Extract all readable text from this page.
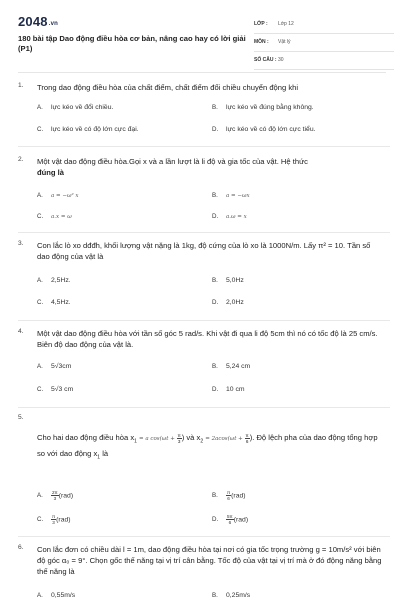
2048.vn
180 bài tập Dao động điều hòa cơ bản, nâng cao hay có lời giải (P1)
LỚP : Lớp 12
MÔN : Vật lý
SỐ CÂU : 30
1. Trong dao động điều hòa của chất điểm, chất điểm đổi chiều chuyển động khi
A. lực kéo về đổi chiều.	B. lực kéo về đúng bằng không.
C. lực kéo về có độ lớn cực đại.	D. lực kéo về có độ lớn cực tiểu.
2. Một vật dao động điều hòa.Gọi x và a lần lượt là li độ và gia tốc của vật. Hệ thức
đúng là
A. a = −ω² x	B. a = −ωx
C. a.x = ω	D. a.ω = x
3. Con lắc lò xo dđđh, khối lượng vật nặng là 1kg, độ cứng của lò xo là 1000N/m. Lấy π² = 10. Tần số dao động của vật là
A. 2,5Hz.	B. 5,0Hz
C. 4,5Hz.	D. 2,0Hz
4. Một vật dao động điều hòa với tần số góc 5 rad/s. Khi vật đi qua li độ 5cm thì nó có tốc độ là 25 cm/s. Biên độ dao động của vật là.
A. 5√3cm	B. 5,24 cm
C. 5√3 cm	D. 10 cm
5.
Cho hai dao động điều hòa $x_1 = a$ $\cos(\omega t + \frac{\pi}{3}$ ) và $x_2 = 2acos(\omega t + \frac{\pi}{6}$ ). Độ lệch pha của dao động tổng hợp so với dao động $x_1$ là
A. $\frac{2\pi}{3} (rad)$	B. $\frac{\pi}{6} (rad)$
C. $\frac{\pi}{3} (rad)$	D. $\frac{5\pi}{6} (rad)$
6. Con lắc đơn có chiều dài l = 1m, dao động điều hòa tại nơi có gia tốc trọng trường g = 10m/s² với biên độ góc α₀ = 9°. Chọn gốc thế năng tại vị trí cân bằng. Tốc độ của vật tại vị trí mà ở đó động năng bằng thế năng là
A. 0,55m/s	B. 0,25m/s
